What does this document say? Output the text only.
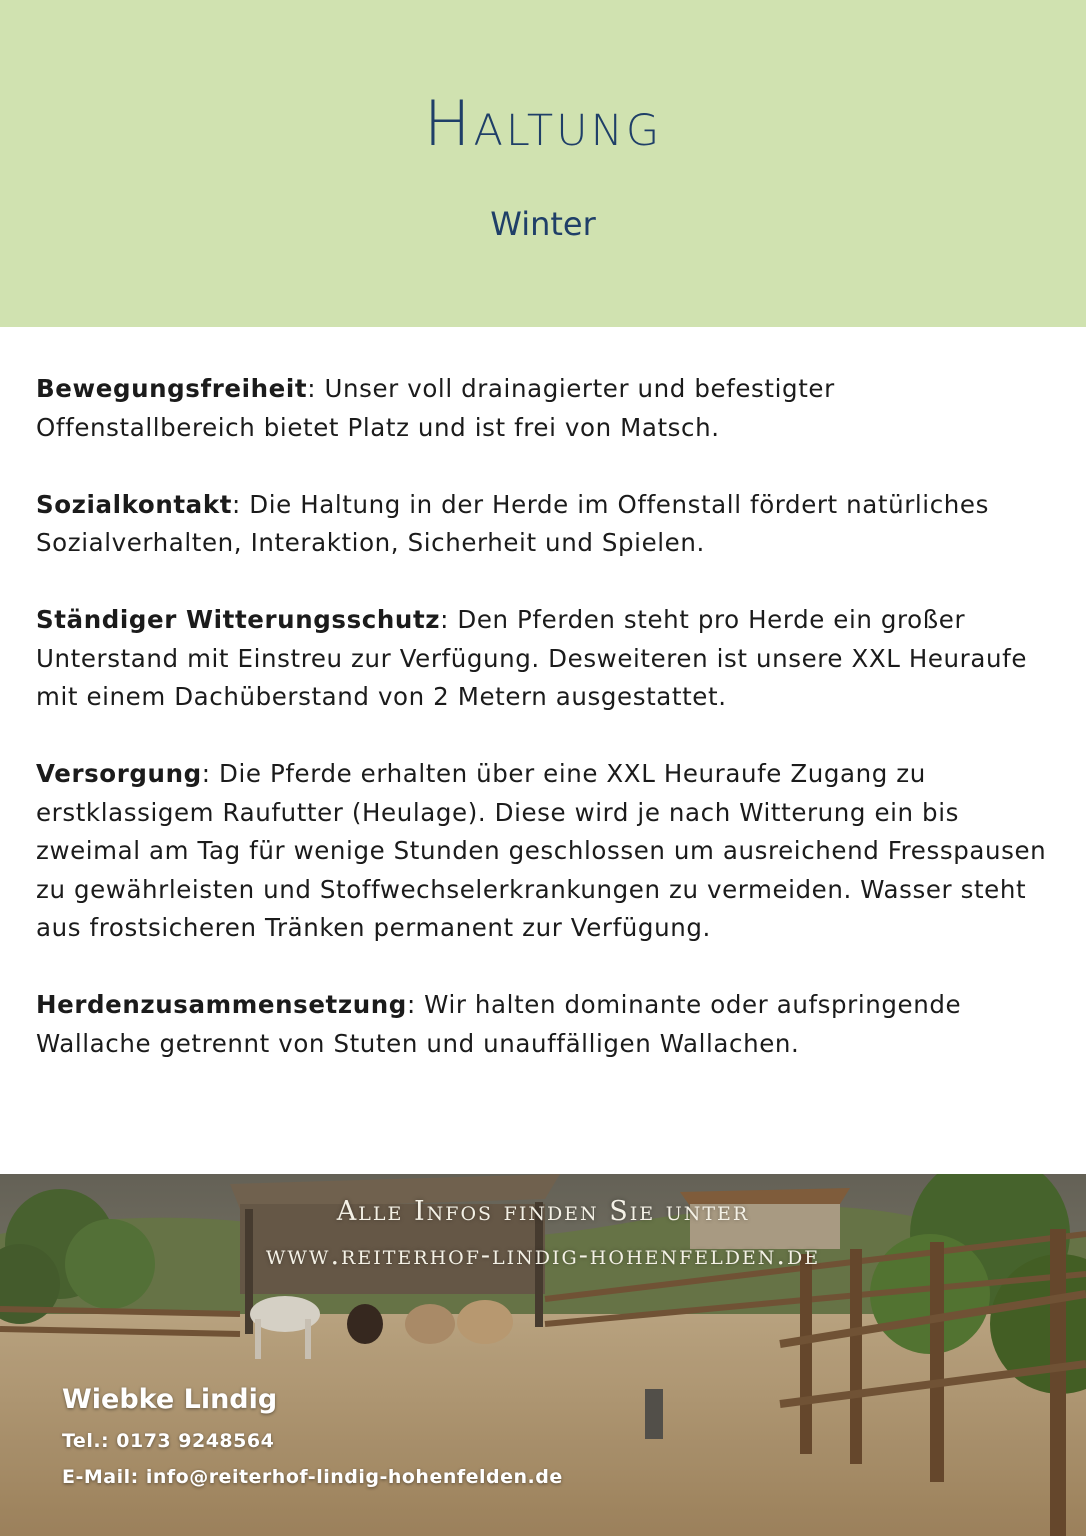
Haltung
Winter

Bewegungsfreiheit: Unser voll drainagierter und befestigter Offenstallbereich bietet Platz und ist frei von Matsch.

Sozialkontakt: Die Haltung in der Herde im Offenstall fördert natürliches Sozialverhalten, Interaktion, Sicherheit und Spielen.

Ständiger Witterungsschutz: Den Pferden steht pro Herde ein großer Unterstand mit Einstreu zur Verfügung. Desweiteren ist unsere XXL Heuraufe mit einem Dachüberstand von 2 Metern ausgestattet.

Versorgung: Die Pferde erhalten über eine XXL Heuraufe Zugang zu erstklassigem Raufutter (Heulage). Diese wird je nach Witterung ein bis zweimal am Tag für wenige Stunden geschlossen um ausreichend Fresspausen zu gewährleisten und Stoffwechselerkrankungen zu vermeiden. Wasser steht aus frostsicheren Tränken permanent zur Verfügung.

Herdenzusammensetzung: Wir halten dominante oder aufspringende Wallache getrennt von Stuten und unauffälligen Wallachen.

Alle Infos finden Sie unter
www.reiterhof-lindig-hohenfelden.de
Wiebke Lindig
Tel.: 0173 9248564
E-Mail: info@reiterhof-lindig-hohenfelden.de
